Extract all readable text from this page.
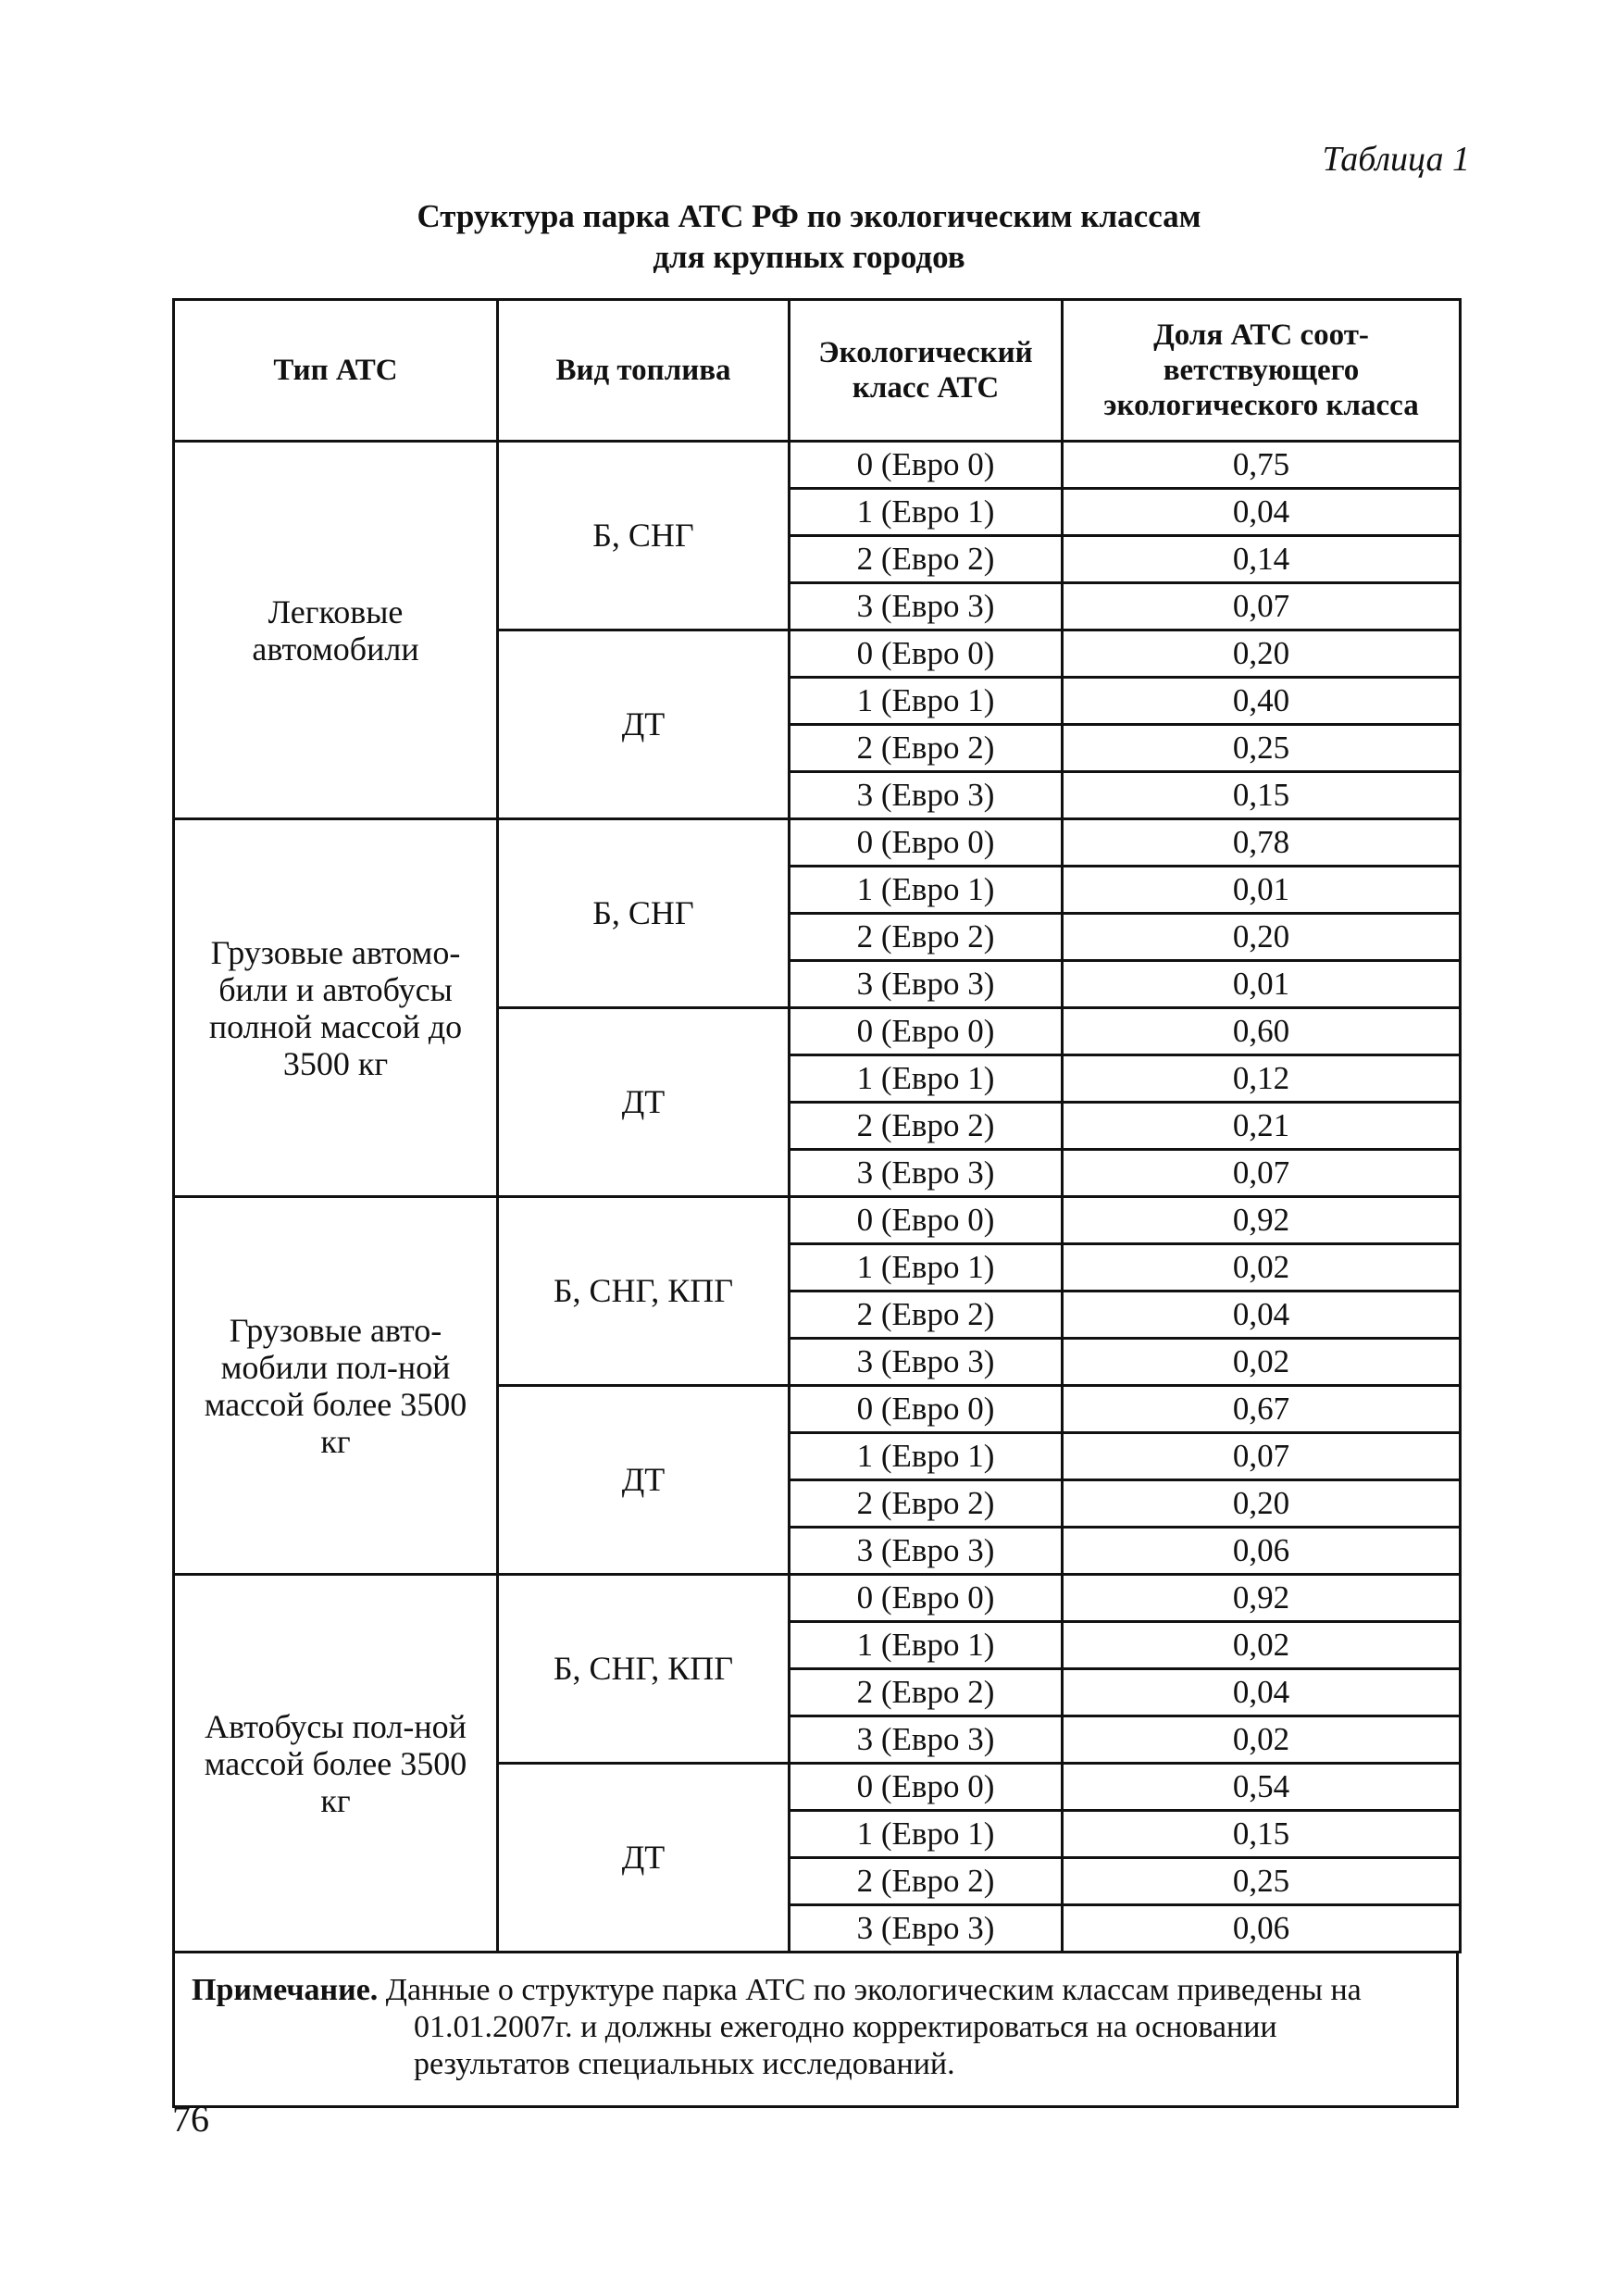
Таблица 1
Структура парка АТС РФ по экологическим классам
для крупных городов
Тип АТС	Вид топлива	Экологический класс АТС	Доля АТС соот-ветствующего экологического класса
Легковые автомобили	Б, СНГ	0 (Евро 0)	0,75
		1 (Евро 1)	0,04
		2 (Евро 2)	0,14
		3 (Евро 3)	0,07
	ДТ	0 (Евро 0)	0,20
		1 (Евро 1)	0,40
		2 (Евро 2)	0,25
		3 (Евро 3)	0,15
Грузовые автомо-били и автобусы полной массой до 3500 кг	Б, СНГ	0 (Евро 0)	0,78
		1 (Евро 1)	0,01
		2 (Евро 2)	0,20
		3 (Евро 3)	0,01
	ДТ	0 (Евро 0)	0,60
		1 (Евро 1)	0,12
		2 (Евро 2)	0,21
		3 (Евро 3)	0,07
Грузовые авто-мобили пол-ной массой более 3500 кг	Б, СНГ, КПГ	0 (Евро 0)	0,92
		1 (Евро 1)	0,02
		2 (Евро 2)	0,04
		3 (Евро 3)	0,02
	ДТ	0 (Евро 0)	0,67
		1 (Евро 1)	0,07
		2 (Евро 2)	0,20
		3 (Евро 3)	0,06
Автобусы пол-ной массой более 3500 кг	Б, СНГ, КПГ	0 (Евро 0)	0,92
		1 (Евро 1)	0,02
		2 (Евро 2)	0,04
		3 (Евро 3)	0,02
	ДТ	0 (Евро 0)	0,54
		1 (Евро 1)	0,15
		2 (Евро 2)	0,25
		3 (Евро 3)	0,06
Примечание. Данные о структуре парка АТС по экологическим классам приведены на 01.01.2007г. и должны ежегодно корректироваться на основании результатов специальных исследований.
76
